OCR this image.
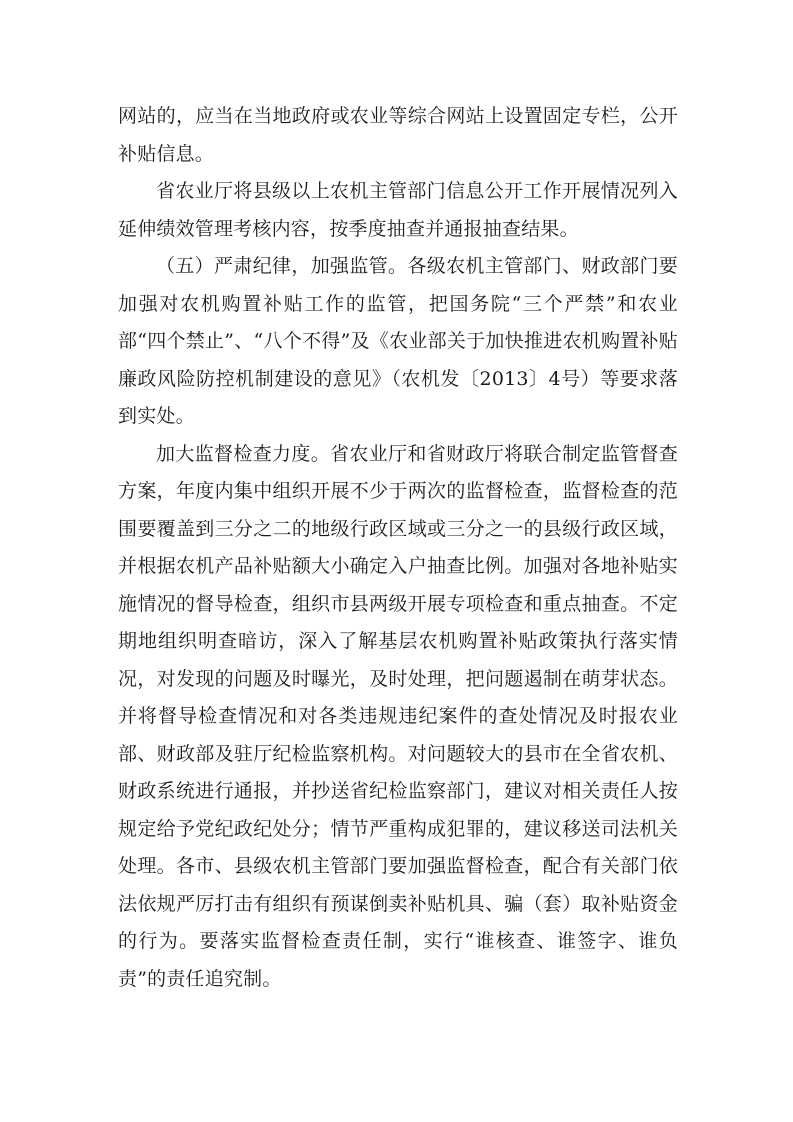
网站的，应当在当地政府或农业等综合网站上设置固定专栏，公开补贴信息。

省农业厅将县级以上农机主管部门信息公开工作开展情况列入延伸绩效管理考核内容，按季度抽查并通报抽查结果。

（五）严肃纪律，加强监管。各级农机主管部门、财政部门要加强对农机购置补贴工作的监管，把国务院“三个严禁”和农业部“四个禁止”、“八个不得”及《农业部关于加快推进农机购置补贴廉政风险防控机制建设的意见》（农机发〔2013〕4号）等要求落到实处。

加大监督检查力度。省农业厅和省财政厅将联合制定监管督查方案，年度内集中组织开展不少于两次的监督检查，监督检查的范围要覆盖到三分之二的地级行政区域或三分之一的县级行政区域，并根据农机产品补贴额大小确定入户抽查比例。加强对各地补贴实施情况的督导检查，组织市县两级开展专项检查和重点抽查。不定期地组织明查暗访，深入了解基层农机购置补贴政策执行落实情况，对发现的问题及时曝光，及时处理，把问题遏制在萌芽状态。并将督导检查情况和对各类违规违纪案件的查处情况及时报农业部、财政部及驻厅纪检监察机构。对问题较大的县市在全省农机、财政系统进行通报，并抄送省纪检监察部门，建议对相关责任人按规定给予党纪政纪处分；情节严重构成犯罪的，建议移送司法机关处理。各市、县级农机主管部门要加强监督检查，配合有关部门依法依规严厉打击有组织有预谋倒卖补贴机具、骗（套）取补贴资金的行为。要落实监督检查责任制，实行“谁核查、谁签字、谁负责”的责任追究制。
